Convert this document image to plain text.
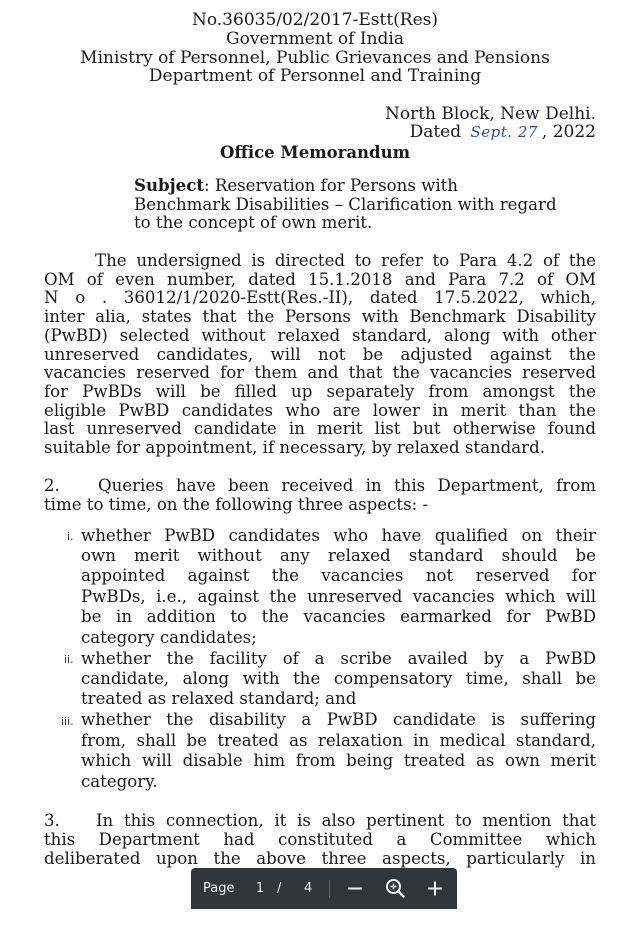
No.36035/02/2017-Estt(Res)
Government of India
Ministry of Personnel, Public Grievances and Pensions
Department of Personnel and Training
North Block, New Delhi.
Dated Sept. 27 , 2022
Office Memorandum
Subject: Reservation for Persons with
Benchmark Disabilities – Clarification with regard
to the concept of own merit.
The undersigned is directed to refer to Para 4.2 of the
OM of even number, dated 15.1.2018 and Para 7.2 of OM
N o . 36012/1/2020-Estt(Res.-II), dated 17.5.2022, which,
inter alia, states that the Persons with Benchmark Disability
(PwBD) selected without relaxed standard, along with other
unreserved candidates, will not be adjusted against the
vacancies reserved for them and that the vacancies reserved
for PwBDs will be filled up separately from amongst the
eligible PwBD candidates who are lower in merit than the
last unreserved candidate in merit list but otherwise found
suitable for appointment, if necessary, by relaxed standard.
2. Queries have been received in this Department, from
time to time, on the following three aspects: -
i. whether PwBD candidates who have qualified on their
own merit without any relaxed standard should be
appointed against the vacancies not reserved for
PwBDs, i.e., against the unreserved vacancies which will
be in addition to the vacancies earmarked for PwBD
category candidates;
ii. whether the facility of a scribe availed by a PwBD
candidate, along with the compensatory time, shall be
treated as relaxed standard; and
iii. whether the disability a PwBD candidate is suffering
from, shall be treated as relaxation in medical standard,
which will disable him from being treated as own merit
category.
3. In this connection, it is also pertinent to mention that
this Department had constituted a Committee which
deliberated upon the above three aspects, particularly in
Page 1 / 4
